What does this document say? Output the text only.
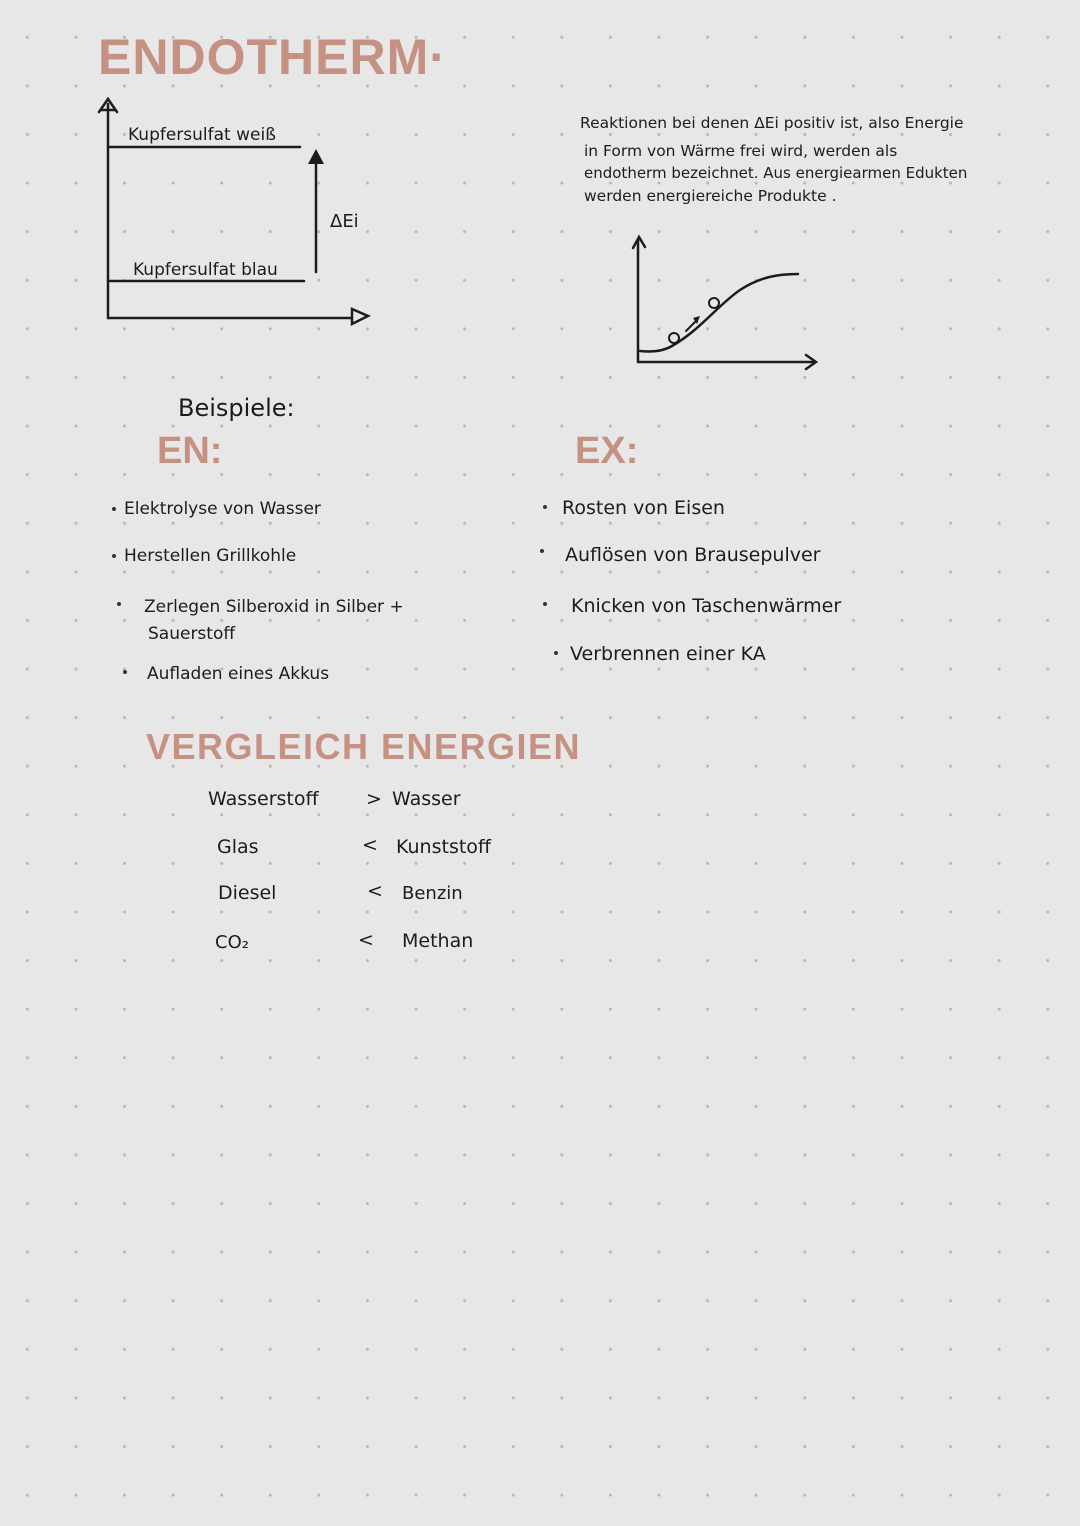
ENDOTHERM·
Kupfersulfat weiß
Kupfersulfat blau
ΔEi
Reaktionen bei denen ΔEi positiv ist, also Energie
in Form von Wärme frei wird, werden als
endotherm bezeichnet. Aus energiearmen Edukten
werden energiereiche Produkte .
Beispiele:
EN:	EX:
Elektrolyse von Wasser
Herstellen Grillkohle
Zerlegen Silberoxid in Silber +
Sauerstoff
Aufladen eines Akkus
Rosten von Eisen
Auflösen von Brausepulver
Knicken von Taschenwärmer
Verbrennen einer KA
VERGLEICH ENERGIEN
Wasserstoff > Wasser
Glas	< Kunststoff
Diesel	< Benzin
CO₂	< Methan
